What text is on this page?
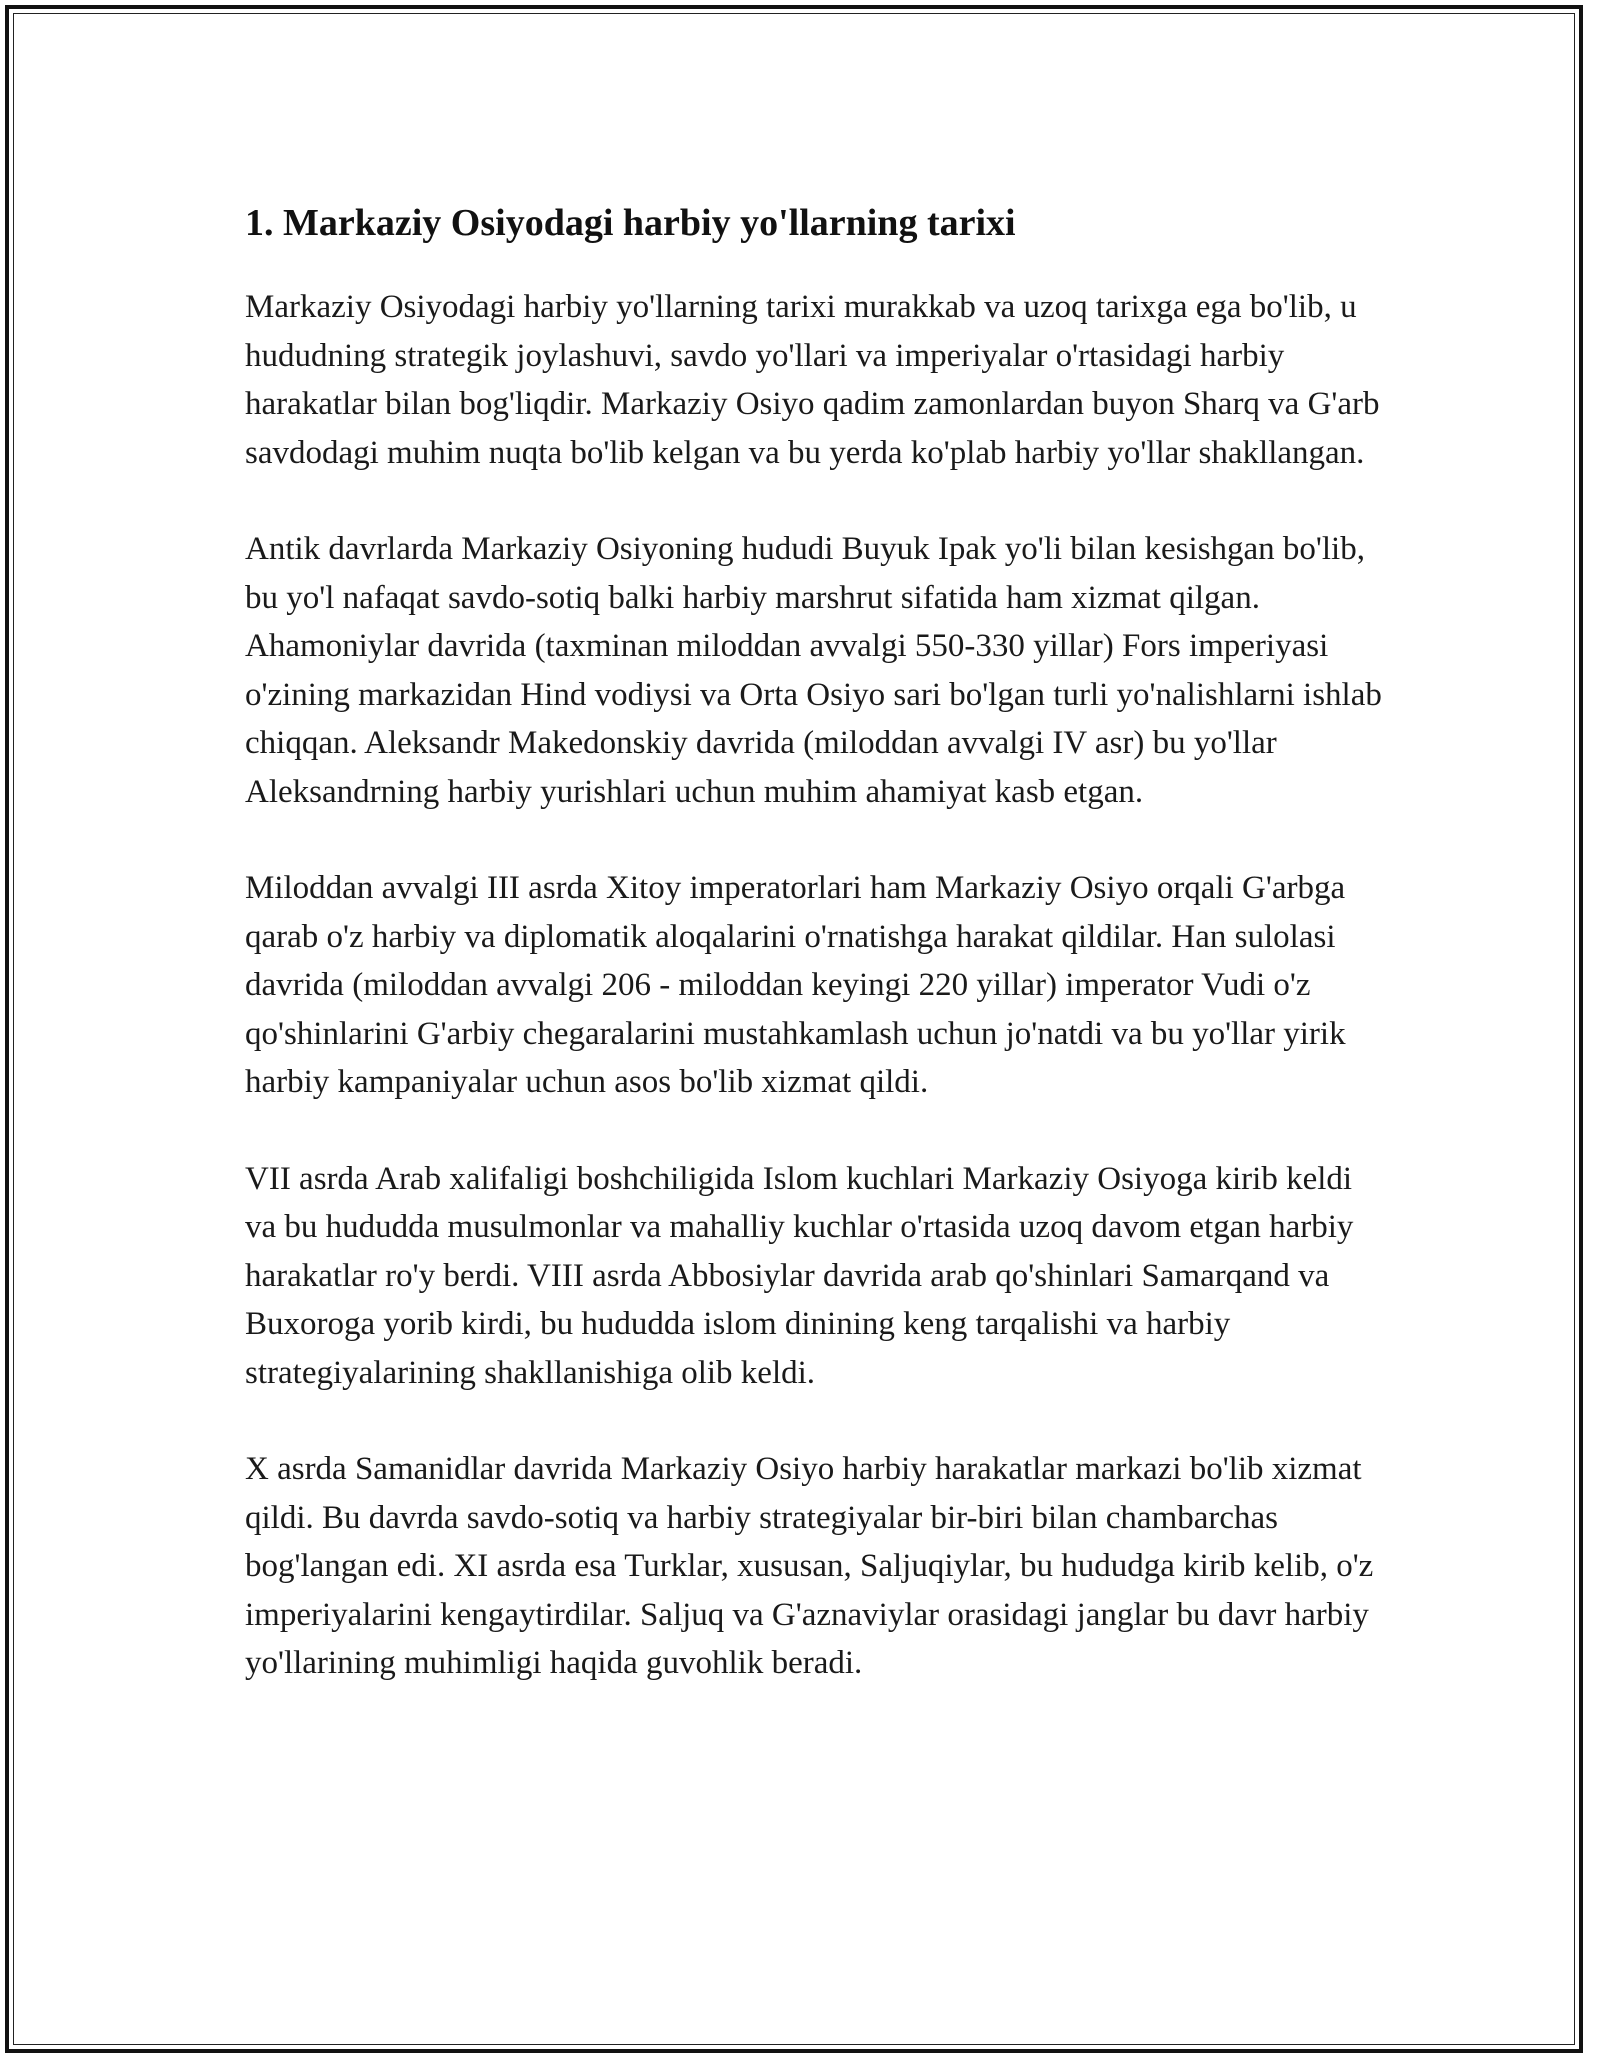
1. Markaziy Osiyodagi harbiy yo'llarning tarixi

Markaziy Osiyodagi harbiy yo'llarning tarixi murakkab va uzoq tarixga ega bo'lib, u hududning strategik joylashuvi, savdo yo'llari va imperiyalar o'rtasidagi harbiy harakatlar bilan bog'liqdir. Markaziy Osiyo qadim zamonlardan buyon Sharq va G'arb savdodagi muhim nuqta bo'lib kelgan va bu yerda ko'plab harbiy yo'llar shakllangan.

Antik davrlarda Markaziy Osiyoning hududi Buyuk Ipak yo'li bilan kesishgan bo'lib, bu yo'l nafaqat savdo-sotiq balki harbiy marshrut sifatida ham xizmat qilgan. Ahamoniylar davrida (taxminan miloddan avvalgi 550-330 yillar) Fors imperiyasi o'zining markazidan Hind vodiysi va Orta Osiyo sari bo'lgan turli yo'nalishlarni ishlab chiqqan. Aleksandr Makedonskiy davrida (miloddan avvalgi IV asr) bu yo'llar Aleksandrning harbiy yurishlari uchun muhim ahamiyat kasb etgan.

Miloddan avvalgi III asrda Xitoy imperatorlari ham Markaziy Osiyo orqali G'arbga qarab o'z harbiy va diplomatik aloqalarini o'rnatishga harakat qildilar. Han sulolasi davrida (miloddan avvalgi 206 - miloddan keyingi 220 yillar) imperator Vudi o'z qo'shinlarini G'arbiy chegaralarini mustahkamlash uchun jo'natdi va bu yo'llar yirik harbiy kampaniyalar uchun asos bo'lib xizmat qildi.

VII asrda Arab xalifaligi boshchiligida Islom kuchlari Markaziy Osiyoga kirib keldi va bu hududda musulmonlar va mahalliy kuchlar o'rtasida uzoq davom etgan harbiy harakatlar ro'y berdi. VIII asrda Abbosiylar davrida arab qo'shinlari Samarqand va Buxoroga yorib kirdi, bu hududda islom dinining keng tarqalishi va harbiy strategiyalarining shakllanishiga olib keldi.

X asrda Samanidlar davrida Markaziy Osiyo harbiy harakatlar markazi bo'lib xizmat qildi. Bu davrda savdo-sotiq va harbiy strategiyalar bir-biri bilan chambarchas bog'langan edi. XI asrda esa Turklar, xususan, Saljuqiylar, bu hududga kirib kelib, o'z imperiyalarini kengaytirdilar. Saljuq va G'aznaviylar orasidagi janglar bu davr harbiy yo'llarining muhimligi haqida guvohlik beradi.
